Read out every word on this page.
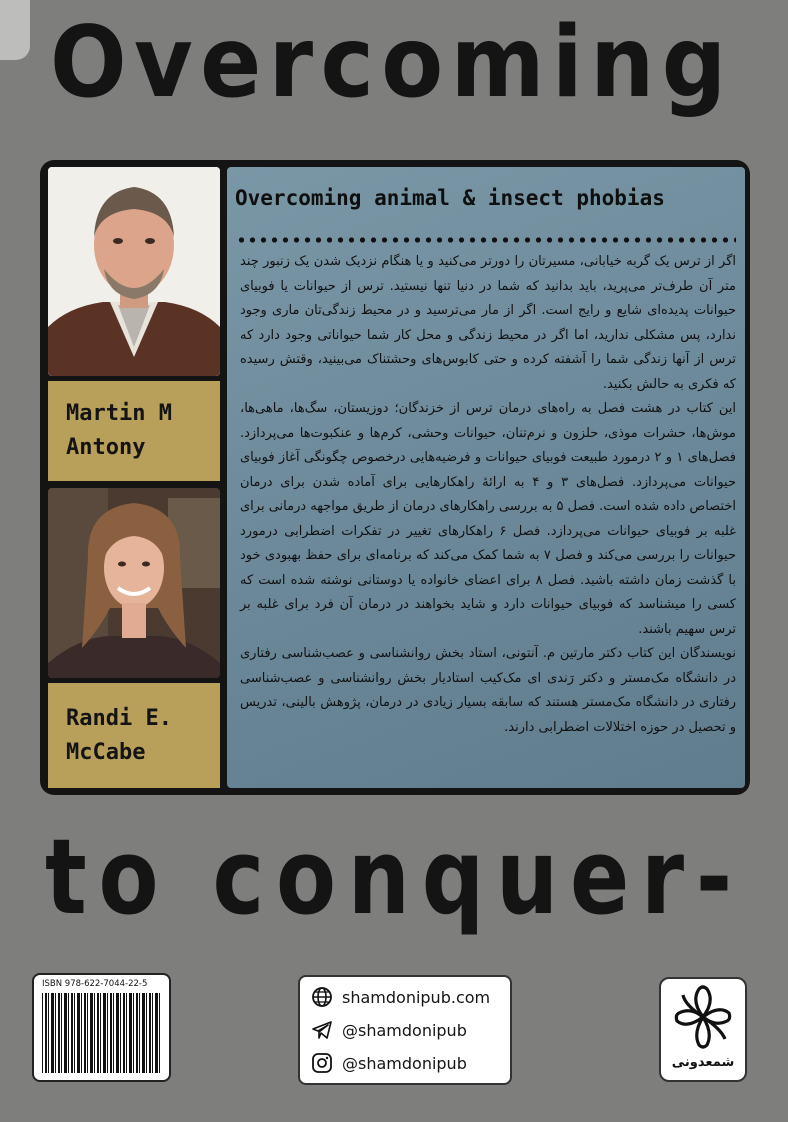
Overcoming
Martin M
Antony
Randi E.
McCabe
Overcoming animal & insect phobias

اگر از ترس یک گربه خیابانی، مسیرتان را دورتر می‌کنید و یا هنگام نزدیک شدن یک زنبور چند متر آن طرف‌تر می‌پرید، باید بدانید که شما در دنیا تنها نیستید. ترس از حیوانات یا فوبیای حیوانات پدیده‌ای شایع و رایج است. اگر از مار می‌ترسید و در محیط زندگی‌تان ماری وجود ندارد، پس مشکلی ندارید، اما اگر در محیط زندگی و محل کار شما حیواناتی وجود دارد که ترس از آنها زندگی شما را آشفته کرده و حتی کابوس‌های وحشتناک می‌بینید، وقتش رسیده که فکری به حالش بکنید.

این کتاب در هشت فصل به راه‌های درمان ترس از خزندگان؛ دوزیستان، سگ‌ها، ماهی‌ها، موش‌ها، حشرات موذی، حلزون و نرم‌تنان، حیوانات وحشی، کرم‌ها و عنکبوت‌ها می‌پردازد. فصل‌های ۱ و ۲ درمورد طبیعت فوبیای حیوانات و فرضیه‌هایی درخصوص چگونگی آغاز فوبیای حیوانات می‌پردازد. فصل‌های ۳ و ۴ به ارائهٔ راهکارهایی برای آماده شدن برای درمان اختصاص داده شده است. فصل ۵ به بررسی راهکارهای درمان از طریق مواجهه درمانی برای غلبه بر فوبیای حیوانات می‌پردازد. فصل ۶ راهکارهای تغییر در تفکرات اضطرابی درمورد حیوانات را بررسی می‌کند و فصل ۷ به شما کمک می‌کند که برنامه‌ای برای حفظ بهبودی خود با گذشت زمان داشته باشید. فصل ۸ برای اعضای خانواده یا دوستانی نوشته شده است که کسی را میشناسد که فوبیای حیوانات دارد و شاید بخواهند در درمان آن فرد برای غلبه بر ترس سهیم باشند.

نویسندگان این کتاب دکتر مارتین م. آنتونی، استاد بخش روانشناسی و عصب‌شناسی رفتاری در دانشگاه مک‌مستر و دکتر رَندی ای مک‌کیب استادیار بخش روانشناسی و عصب‌شناسی رفتاری در دانشگاه مک‌مستر هستند که سابقه بسیار زیادی در درمان، پژوهش بالینی، تدریس و تحصیل در حوزه اختلالات اضطرابی دارند.

to conquer-
ISBN 978-622-7044-22-5
shamdonipub.com
@shamdonipub
@shamdonipub	شمعدونی
